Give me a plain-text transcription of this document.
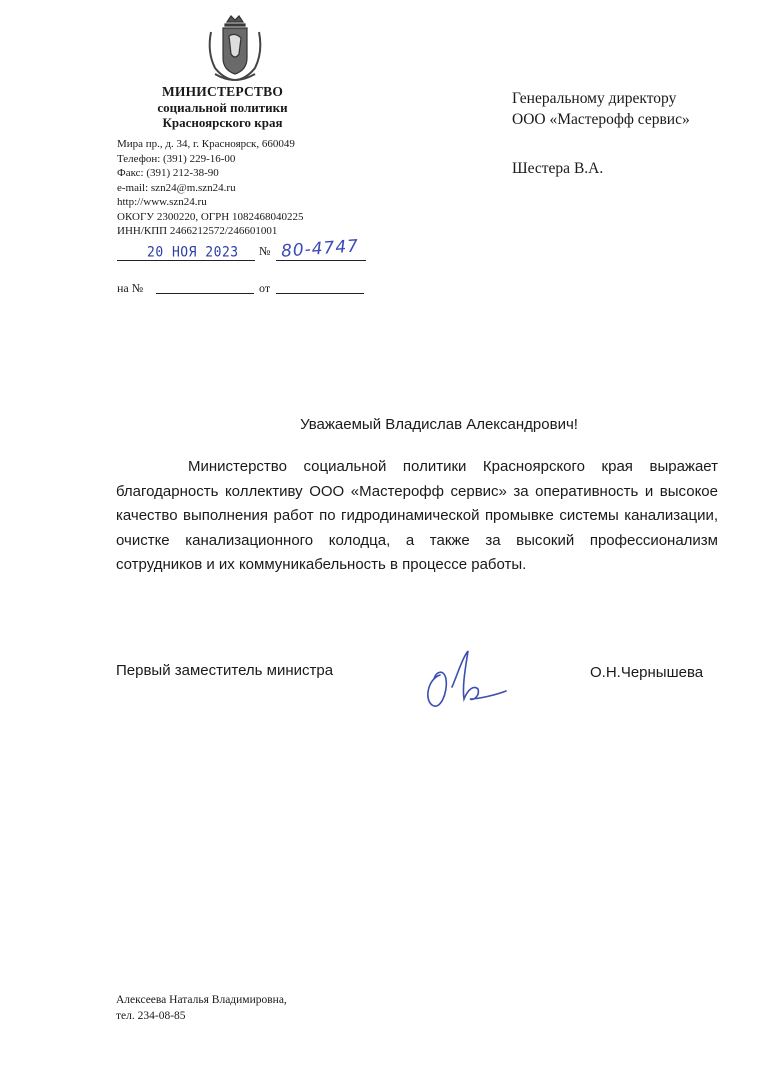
МИНИСТЕРСТВО
социальной политики
Красноярского края
Мира пр., д. 34, г. Красноярск, 660049
Телефон: (391) 229-16-00
Факс: (391) 212-38-90
e-mail: szn24@m.szn24.ru
http://www.szn24.ru
ОКОГУ 2300220, ОГРН 1082468040225
ИНН/КПП 2466212572/246601001
20 НОЯ 2023 № 80-4747
на №	от
Генеральному директору
ООО «Мастерофф сервис»
Шестера В.А.
Уважаемый Владислав Александрович!
Министерство социальной политики Красноярского края выражает благодарность коллективу ООО «Мастерофф сервис» за оперативность и высокое качество выполнения работ по гидродинамической промывке системы канализации, очистке канализационного колодца, а также за высокий профессионализм сотрудников и их коммуникабельность в процессе работы.
Первый заместитель министра	О.Н.Чернышева
Алексеева Наталья Владимировна,
тел. 234-08-85
